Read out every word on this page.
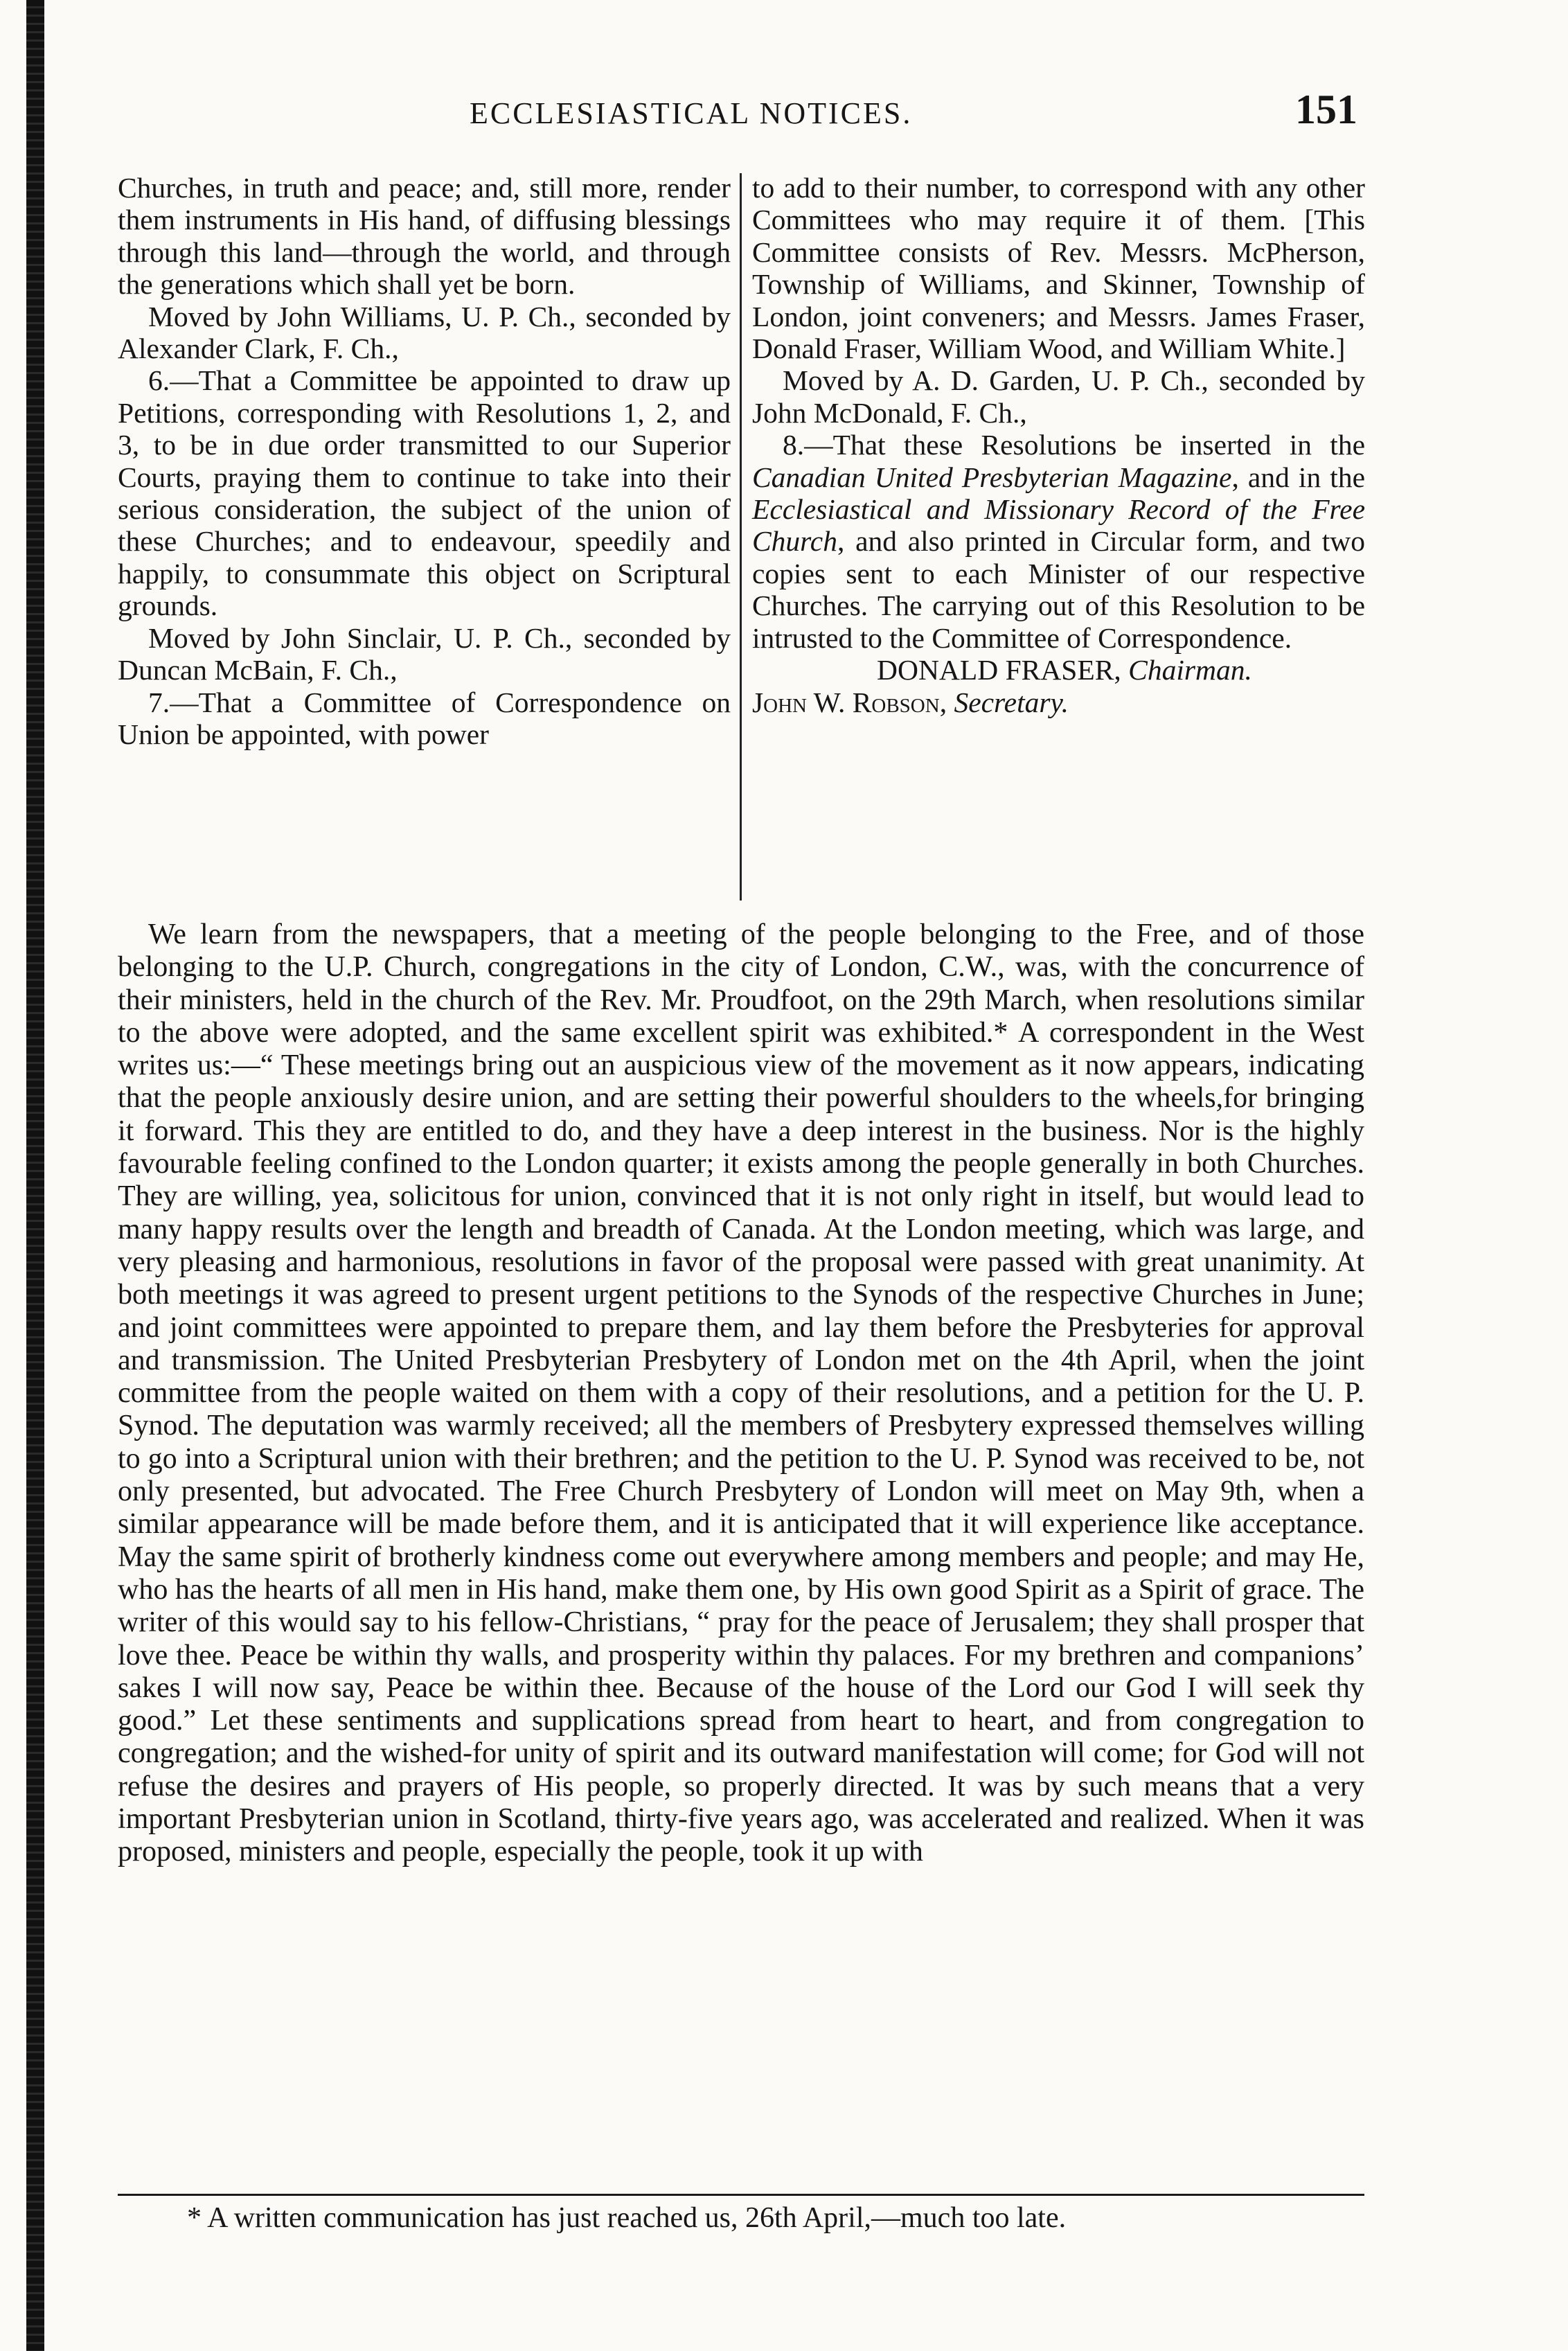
ECCLESIASTICAL NOTICES.	151

Churches, in truth and peace; and, still more, render them instruments in His hand, of diffusing blessings through this land—through the world, and through the generations which shall yet be born.

Moved by John Williams, U. P. Ch., seconded by Alexander Clark, F. Ch.,

6.—That a Committee be appointed to draw up Petitions, corresponding with Resolutions 1, 2, and 3, to be in due order transmitted to our Superior Courts, praying them to continue to take into their serious consideration, the subject of the union of these Churches; and to endeavour, speedily and happily, to consummate this object on Scriptural grounds.

Moved by John Sinclair, U. P. Ch., seconded by Duncan McBain, F. Ch.,

7.—That a Committee of Correspondence on Union be appointed, with power

to add to their number, to correspond with any other Committees who may require it of them. [This Committee consists of Rev. Messrs. McPherson, Township of Williams, and Skinner, Township of London, joint conveners; and Messrs. James Fraser, Donald Fraser, William Wood, and William White.]

Moved by A. D. Garden, U. P. Ch., seconded by John McDonald, F. Ch.,

8.—That these Resolutions be inserted in the Canadian United Presbyterian Magazine, and in the Ecclesiastical and Missionary Record of the Free Church, and also printed in Circular form, and two copies sent to each Minister of our respective Churches. The carrying out of this Resolution to be intrusted to the Committee of Correspondence.

DONALD FRASER, Chairman.

John W. Robson, Secretary.

We learn from the newspapers, that a meeting of the people belonging to the Free, and of those belonging to the U.P. Church, congregations in the city of London, C.W., was, with the concurrence of their ministers, held in the church of the Rev. Mr. Proudfoot, on the 29th March, when resolutions similar to the above were adopted, and the same excellent spirit was exhibited.* A correspondent in the West writes us:—“ These meetings bring out an auspicious view of the movement as it now appears, indicating that the people anxiously desire union, and are setting their powerful shoulders to the wheels,for bringing it forward. This they are entitled to do, and they have a deep interest in the business. Nor is the highly favourable feeling confined to the London quarter; it exists among the people generally in both Churches. They are willing, yea, solicitous for union, convinced that it is not only right in itself, but would lead to many happy results over the length and breadth of Canada. At the London meeting, which was large, and very pleasing and harmonious, resolutions in favor of the proposal were passed with great unanimity. At both meetings it was agreed to present urgent petitions to the Synods of the respective Churches in June; and joint committees were appointed to prepare them, and lay them before the Presbyteries for approval and transmission. The United Presbyterian Presbytery of London met on the 4th April, when the joint committee from the people waited on them with a copy of their resolutions, and a petition for the U. P. Synod. The deputation was warmly received; all the members of Presbytery expressed themselves willing to go into a Scriptural union with their brethren; and the petition to the U. P. Synod was received to be, not only presented, but advocated. The Free Church Presbytery of London will meet on May 9th, when a similar appearance will be made before them, and it is anticipated that it will experience like acceptance. May the same spirit of brotherly kindness come out everywhere among members and people; and may He, who has the hearts of all men in His hand, make them one, by His own good Spirit as a Spirit of grace. The writer of this would say to his fellow-Christians, “ pray for the peace of Jerusalem; they shall prosper that love thee. Peace be within thy walls, and prosperity within thy palaces. For my brethren and companions’ sakes I will now say, Peace be within thee. Because of the house of the Lord our God I will seek thy good.” Let these sentiments and supplications spread from heart to heart, and from congregation to congregation; and the wished-for unity of spirit and its outward manifestation will come; for God will not refuse the desires and prayers of His people, so properly directed. It was by such means that a very important Presbyterian union in Scotland, thirty-five years ago, was accelerated and realized. When it was proposed, ministers and people, especially the people, took it up with

* A written communication has just reached us, 26th April,—much too late.
